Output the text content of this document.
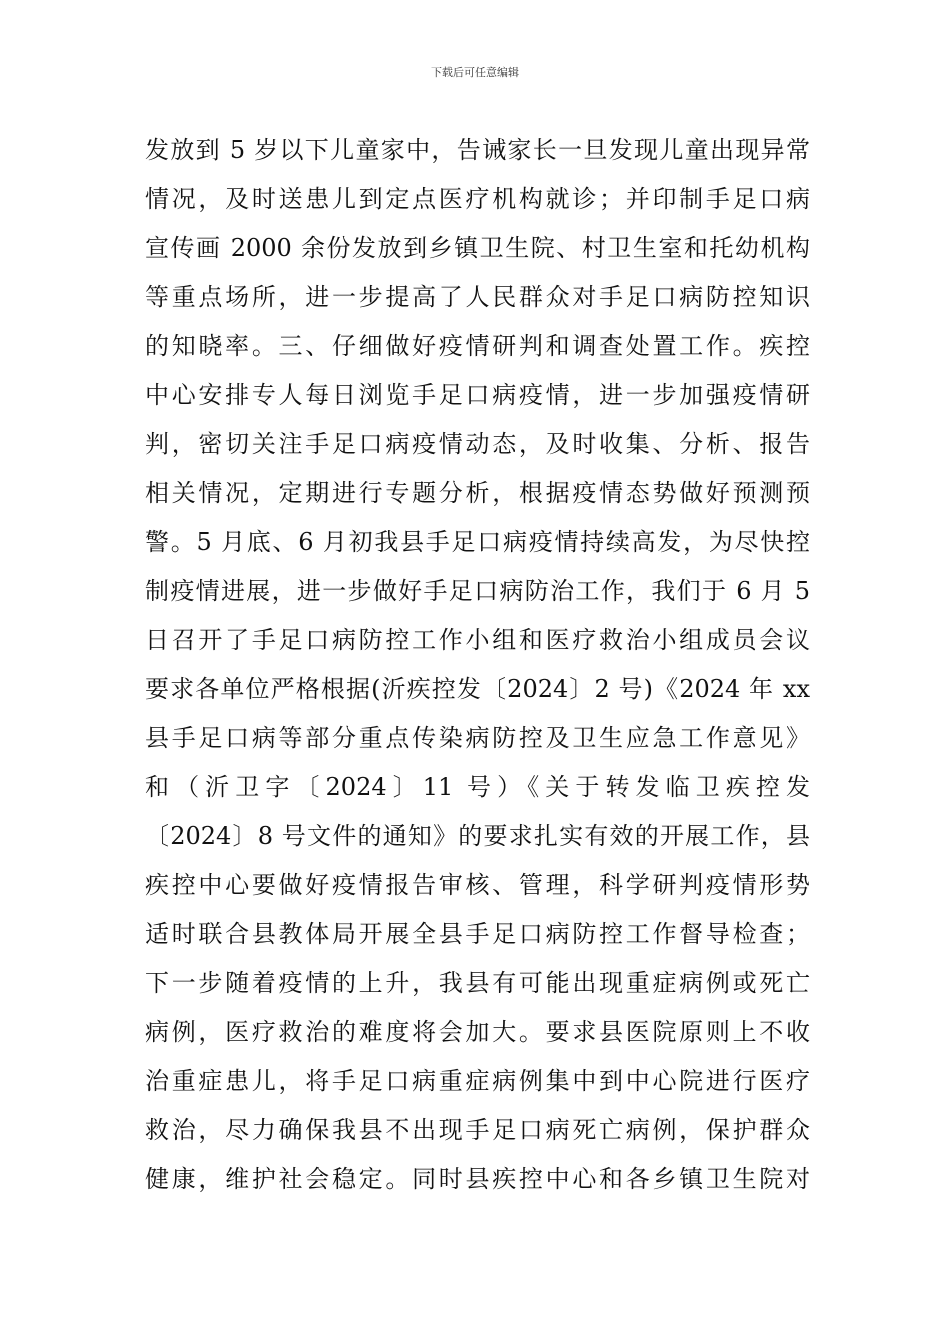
下载后可任意编辑
发放到 5 岁以下儿童家中，告诫家长一旦发现儿童出现异常
情况，及时送患儿到定点医疗机构就诊；并印制手足口病
宣传画 2000 余份发放到乡镇卫生院、村卫生室和托幼机构
等重点场所，进一步提高了人民群众对手足口病防控知识
的知晓率。三、仔细做好疫情研判和调查处置工作。疾控
中心安排专人每日浏览手足口病疫情，进一步加强疫情研
判，密切关注手足口病疫情动态，及时收集、分析、报告
相关情况，定期进行专题分析，根据疫情态势做好预测预
警。5 月底、6 月初我县手足口病疫情持续高发，为尽快控
制疫情进展，进一步做好手足口病防治工作，我们于 6 月 5
日召开了手足口病防控工作小组和医疗救治小组成员会议
要求各单位严格根据(沂疾控发〔2024〕2 号)《2024 年 xx
县手足口病等部分重点传染病防控及卫生应急工作意见》
和（沂卫字〔2024〕11 号）《关于转发临卫疾控发
〔2024〕8 号文件的通知》的要求扎实有效的开展工作，县
疾控中心要做好疫情报告审核、管理，科学研判疫情形势
适时联合县教体局开展全县手足口病防控工作督导检查；
下一步随着疫情的上升，我县有可能出现重症病例或死亡
病例，医疗救治的难度将会加大。要求县医院原则上不收
治重症患儿，将手足口病重症病例集中到中心院进行医疗
救治，尽力确保我县不出现手足口病死亡病例，保护群众
健康，维护社会稳定。同时县疾控中心和各乡镇卫生院对
